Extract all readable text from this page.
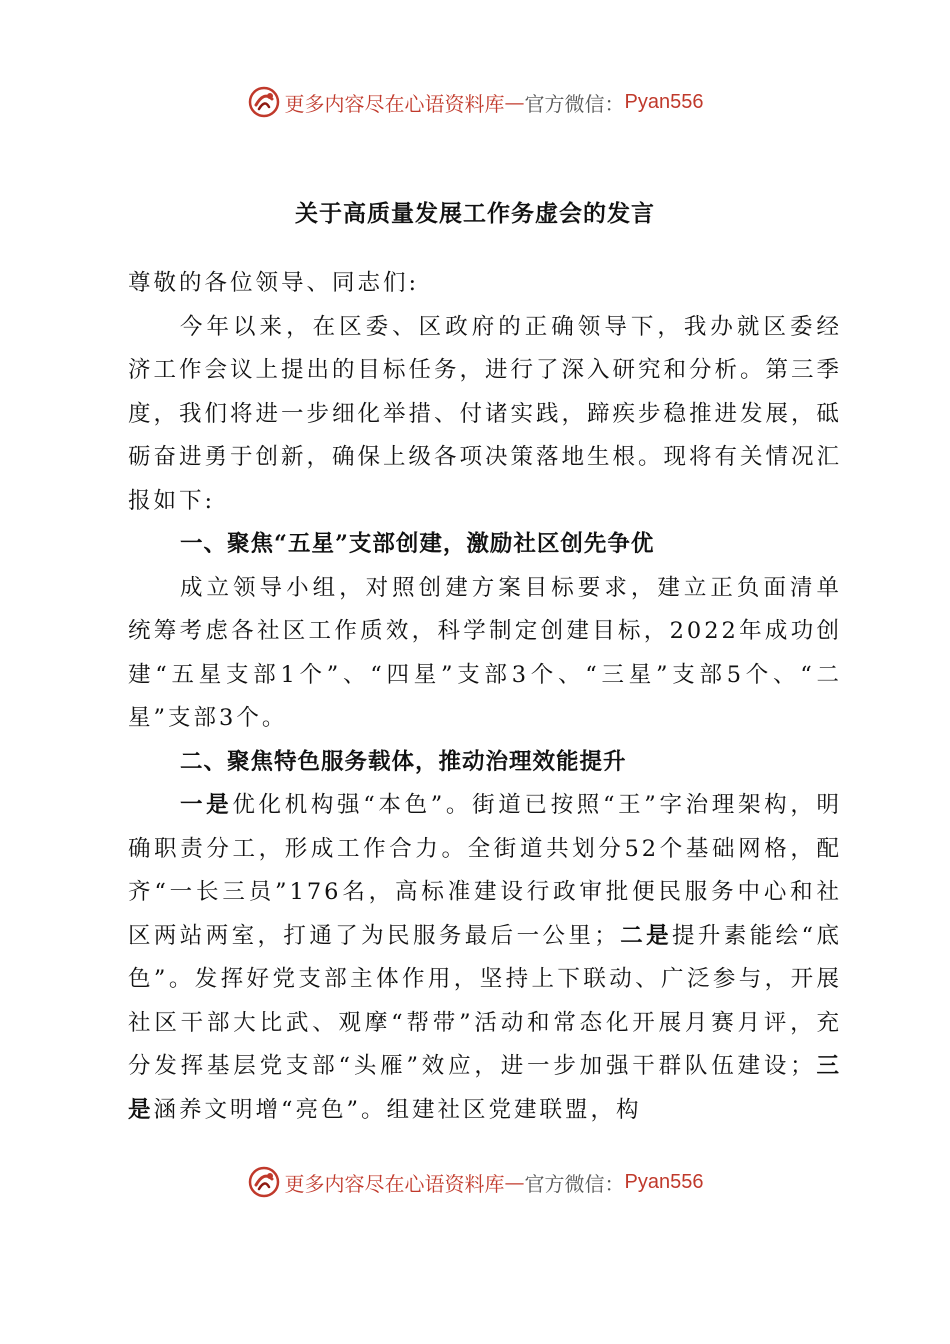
更多内容尽在心语资料库 — 官方微信： Pyan556
关于高质量发展工作务虚会的发言

尊敬的各位领导、同志们:

今年以来，在区委、区政府的正确领导下，我办就区委经济工作会议上提出的目标任务，进行了深入研究和分析。第三季度，我们将进一步细化举措、付诸实践，蹄疾步稳推进发展，砥砺奋进勇于创新，确保上级各项决策落地生根。现将有关情况汇报如下:

一、聚焦“五星”支部创建，激励社区创先争优

成立领导小组，对照创建方案目标要求，建立正负面清单统筹考虑各社区工作质效，科学制定创建目标，2022年成功创建“五星支部1个”、“四星”支部3个、“三星”支部5个、“二星”支部3个。

二、聚焦特色服务载体，推动治理效能提升

一是优化机构强“本色”。街道已按照“王”字治理架构，明确职责分工，形成工作合力。全街道共划分52个基础网格，配齐“一长三员”176名，高标准建设行政审批便民服务中心和社区两站两室，打通了为民服务最后一公里；二是提升素能绘“底色”。发挥好党支部主体作用，坚持上下联动、广泛参与，开展社区干部大比武、观摩“帮带”活动和常态化开展月赛月评，充分发挥基层党支部“头雁”效应，进一步加强干群队伍建设；三是涵养文明增“亮色”。组建社区党建联盟，构

更多内容尽在心语资料库 — 官方微信： Pyan556
